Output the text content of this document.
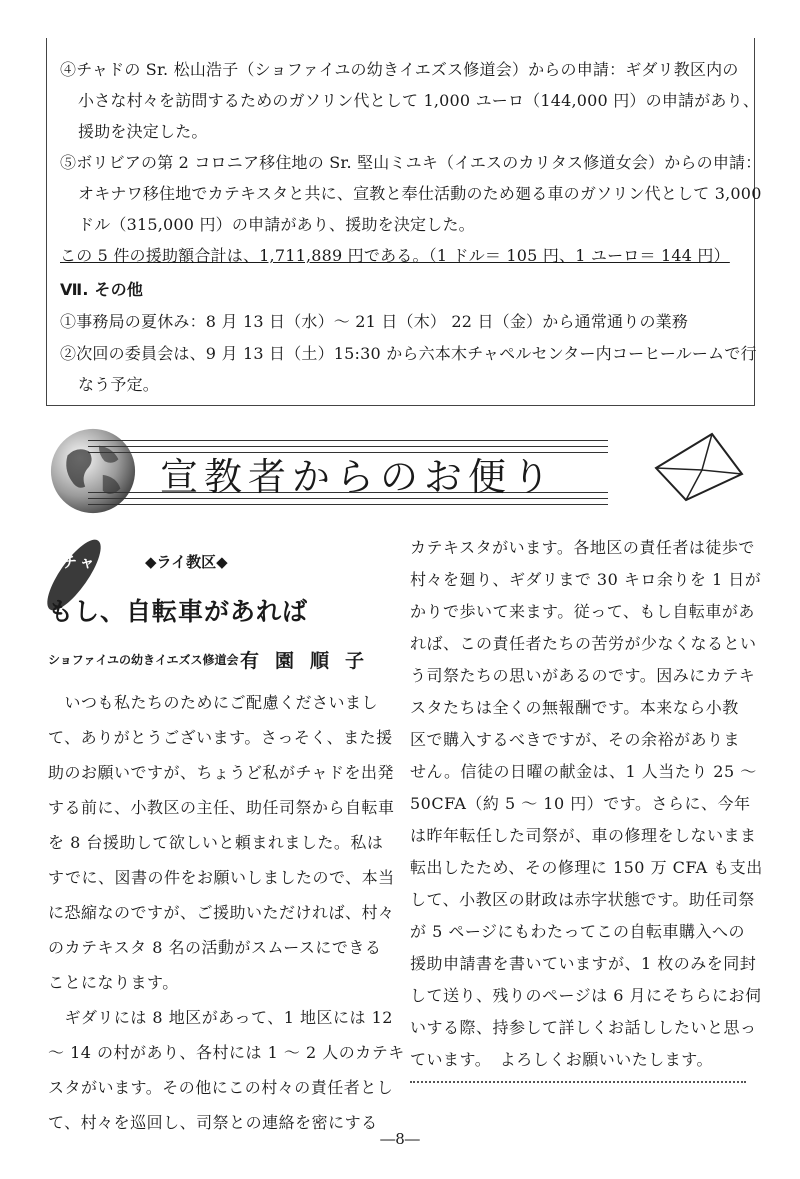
④チャドの Sr. 松山浩子（ショファイユの幼きイエズス修道会）からの申請：ギダリ教区内の
小さな村々を訪問するためのガソリン代として 1,000 ユーロ（144,000 円）の申請があり、
援助を決定した。
⑤ボリビアの第 2 コロニア移住地の Sr. 堅山ミユキ（イエスのカリタス修道女会）からの申請：
オキナワ移住地でカテキスタと共に、宣教と奉仕活動のため廻る車のガソリン代として 3,000
ドル（315,000 円）の申請があり、援助を決定した。
この 5 件の援助額合計は、1,711,889 円である。（1 ドル＝ 105 円、1 ユーロ＝ 144 円）
Ⅶ. その他
①事務局の夏休み：8 月 13 日（水）～ 21 日（木） 22 日（金）から通常通りの業務
②次回の委員会は、9 月 13 日（土）15:30 から六本木チャペルセンター内コーヒールームで行
なう予定。
宣教者からのお便り
チャド ◆ライ教区◆
もし、自転車があれば
ショファイユの幼きイエズス修道会 有園順子
　いつも私たちのためにご配慮くださいまし
て、ありがとうございます。さっそく、また援
助のお願いですが、ちょうど私がチャドを出発
する前に、小教区の主任、助任司祭から自転車
を 8 台援助して欲しいと頼まれました。私は
すでに、図書の件をお願いしましたので、本当
に恐縮なのですが、ご援助いただければ、村々
のカテキスタ 8 名の活動がスムースにできる
ことになります。
　ギダリには 8 地区があって、1 地区には 12
～ 14 の村があり、各村には 1 ～ 2 人のカテキ
スタがいます。その他にこの村々の責任者とし
て、村々を巡回し、司祭との連絡を密にする
カテキスタがいます。各地区の責任者は徒歩で
村々を廻り、ギダリまで 30 キロ余りを 1 日が
かりで歩いて来ます。従って、もし自転車があ
れば、この責任者たちの苦労が少なくなるとい
う司祭たちの思いがあるのです。因みにカテキ
スタたちは全くの無報酬です。本来なら小教
区で購入するべきですが、その余裕がありま
せん。信徒の日曜の献金は、1 人当たり 25 ～
50CFA（約 5 ～ 10 円）です。さらに、今年
は昨年転任した司祭が、車の修理をしないまま
転出したため、その修理に 150 万 CFA も支出
して、小教区の財政は赤字状態です。助任司祭
が 5 ページにもわたってこの自転車購入への
援助申請書を書いていますが、1 枚のみを同封
して送り、残りのページは 6 月にそちらにお伺
いする際、持参して詳しくお話ししたいと思っ
ています。　よろしくお願いいたします。
―8―
